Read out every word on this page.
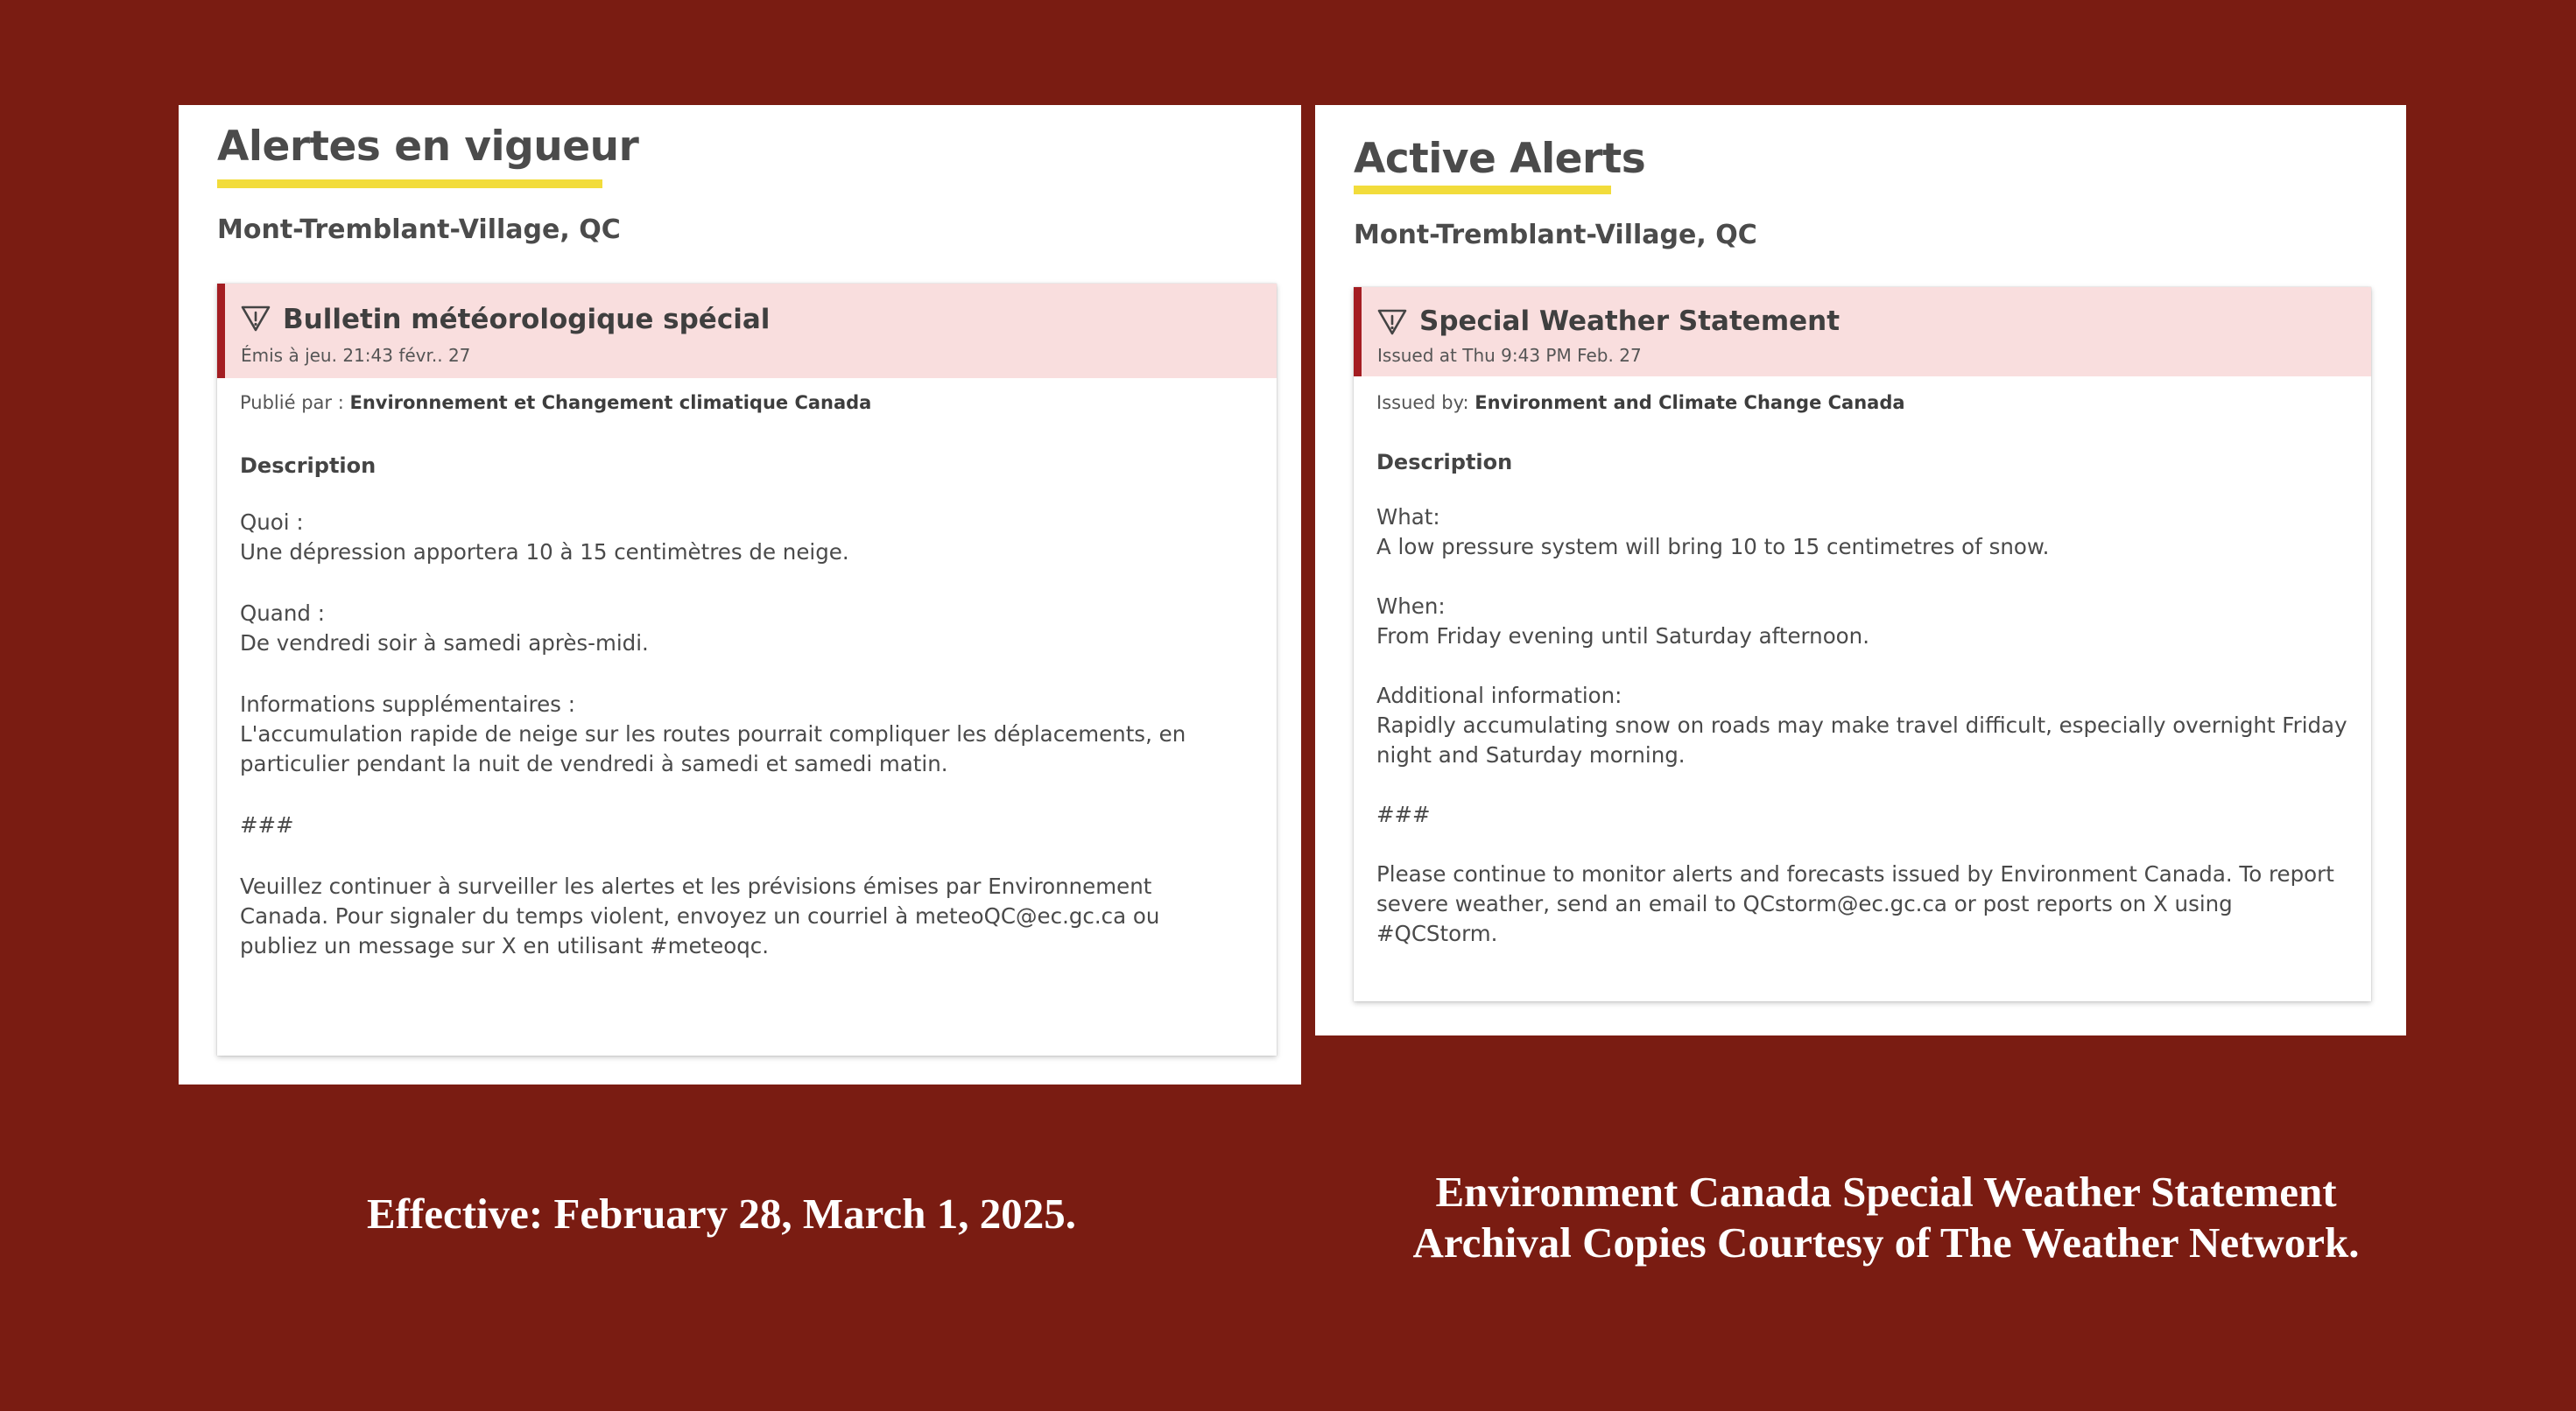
Alertes en vigueur
Mont-Tremblant-Village, QC
Bulletin météorologique spécial
Émis à jeu. 21:43 févr.. 27
Publié par : Environnement et Changement climatique Canada
Description

Quoi :

Une dépression apportera 10 à 15 centimètres de neige.

Quand :

De vendredi soir à samedi après-midi.

Informations supplémentaires :

L'accumulation rapide de neige sur les routes pourrait compliquer les déplacements, en particulier pendant la nuit de vendredi à samedi et samedi matin.

###

Veuillez continuer à surveiller les alertes et les prévisions émises par Environnement Canada. Pour signaler du temps violent, envoyez un courriel à meteoQC@ec.gc.ca ou publiez un message sur X en utilisant #meteoqc.

Active Alerts
Mont-Tremblant-Village, QC
Special Weather Statement
Issued at Thu 9:43 PM Feb. 27
Issued by: Environment and Climate Change Canada
Description

What:

A low pressure system will bring 10 to 15 centimetres of snow.

When:

From Friday evening until Saturday afternoon.

Additional information:

Rapidly accumulating snow on roads may make travel difficult, especially overnight Friday night and Saturday morning.

###

Please continue to monitor alerts and forecasts issued by Environment Canada. To report severe weather, send an email to QCstorm@ec.gc.ca or post reports on X using #QCStorm.

Effective: February 28, March 1, 2025.	Environment Canada Special Weather Statement
Archival Copies Courtesy of The Weather Network.
